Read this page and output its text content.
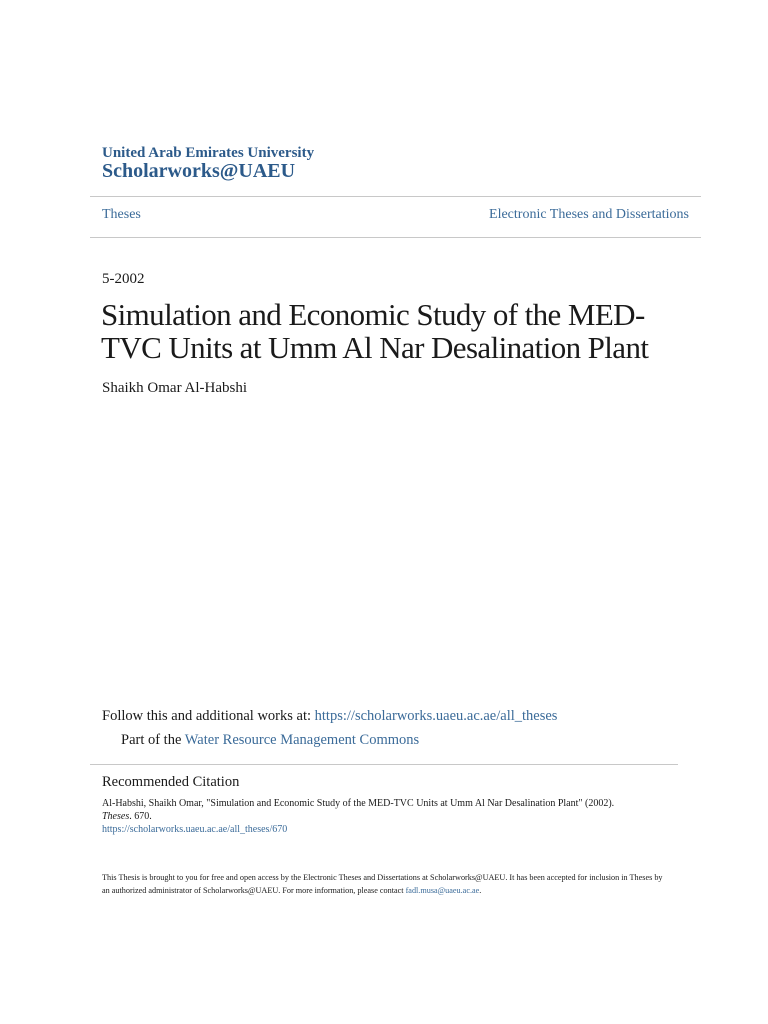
United Arab Emirates University
Scholarworks@UAEU
Theses	Electronic Theses and Dissertations
5-2002
Simulation and Economic Study of the MED-TVC Units at Umm Al Nar Desalination Plant
Shaikh Omar Al-Habshi
Follow this and additional works at: https://scholarworks.uaeu.ac.ae/all_theses
Part of the Water Resource Management Commons
Recommended Citation
Al-Habshi, Shaikh Omar, "Simulation and Economic Study of the MED-TVC Units at Umm Al Nar Desalination Plant" (2002).
Theses. 670.
https://scholarworks.uaeu.ac.ae/all_theses/670
This Thesis is brought to you for free and open access by the Electronic Theses and Dissertations at Scholarworks@UAEU. It has been accepted for inclusion in Theses by an authorized administrator of Scholarworks@UAEU. For more information, please contact fadl.musa@uaeu.ac.ae.
